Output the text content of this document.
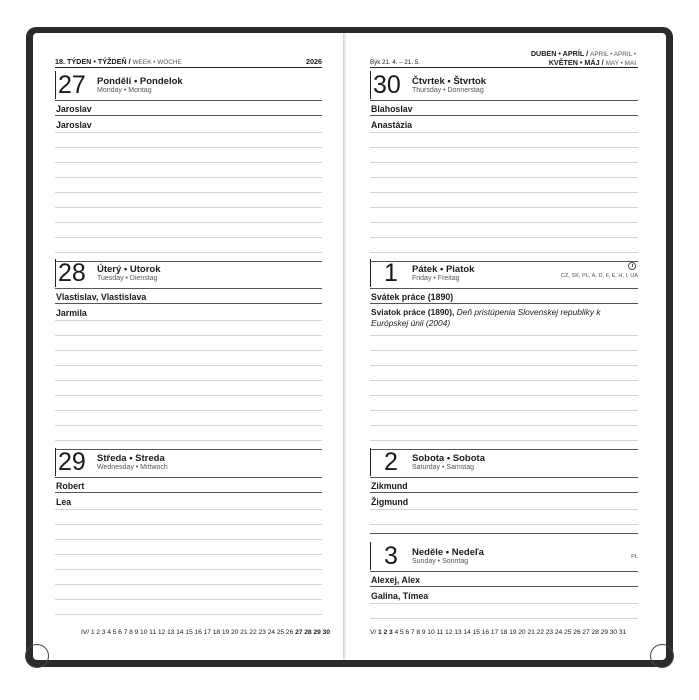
18. TÝDEN • TÝŽDEŇ / WEEK • WOCHE	2026
27 Pondělí • Pondelok
Monday • Montag
Jaroslav
Jaroslav
28 Úterý • Utorok
Tuesday • Dienstag
Vlastislav, Vlastislava
Jarmila
29 Středa • Streda
Wednesday • Mittwoch
Robert
Lea
IV/ 1 2 3 4 5 6 7 8 9 10 11 12 13 14 15 16 17 18 19 20 21 22 23 24 25 26 27 28 29 30
Býk 21. 4. – 21. 5.
DUBEN • APRÍL / APRIL • APRIL •
KVĚTEN • MÁJ / MAY • MAI
30 Čtvrtek • Štvrtok
Thursday • Donnerstag
Blahoslav
Anastázia
1 Pátek • Piatok
Friday • Freitag	CZ, SK, PL, A, D, F, E, H, I, UA
Svátek práce (1890)
Sviatok práce (1890), Deň pristúpenia Slovenskej republiky k Európskej únii (2004)
2 Sobota • Sobota
Saturday • Samstag
Zikmund
Žigmund
3 Neděle • Nedeľa
Sunday • Sonntag
PL
Alexej, Alex
Galina, Tímea
V/ 1 2 3 4 5 6 7 8 9 10 11 12 13 14 15 16 17 18 19 20 21 22 23 24 25 26 27 28 29 30 31
